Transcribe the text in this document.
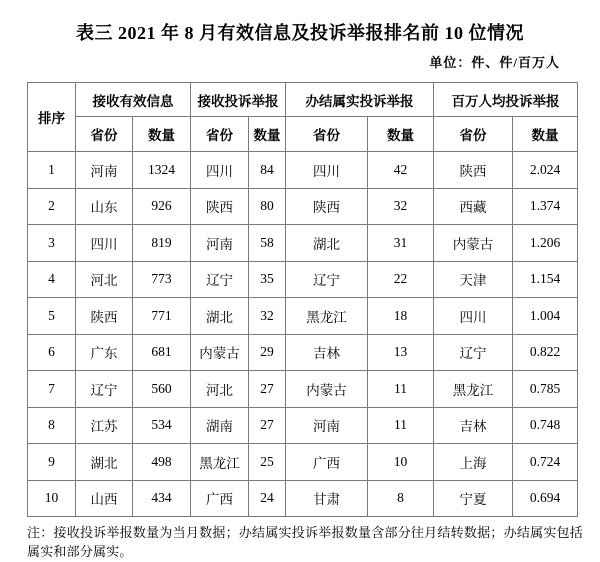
表三 2021 年 8 月有效信息及投诉举报排名前 10 位情况
单位：件、件/百万人
排序	接收有效信息		接收投诉举报		办结属实投诉举报		百万人均投诉举报	
	省份	数量	省份	数量	省份	数量	省份	数量
1	河南	1324	四川	84	四川	42	陕西	2.024
2	山东	926	陕西	80	陕西	32	西藏	1.374
3	四川	819	河南	58	湖北	31	内蒙古	1.206
4	河北	773	辽宁	35	辽宁	22	天津	1.154
5	陕西	771	湖北	32	黑龙江	18	四川	1.004
6	广东	681	内蒙古	29	吉林	13	辽宁	0.822
7	辽宁	560	河北	27	内蒙古	11	黑龙江	0.785
8	江苏	534	湖南	27	河南	11	吉林	0.748
9	湖北	498	黑龙江	25	广西	10	上海	0.724
10	山西	434	广西	24	甘肃	8	宁夏	0.694

注：接收投诉举报数量为当月数据；办结属实投诉举报数量含部分往月结转数据；办结属实包括属实和部分属实。
